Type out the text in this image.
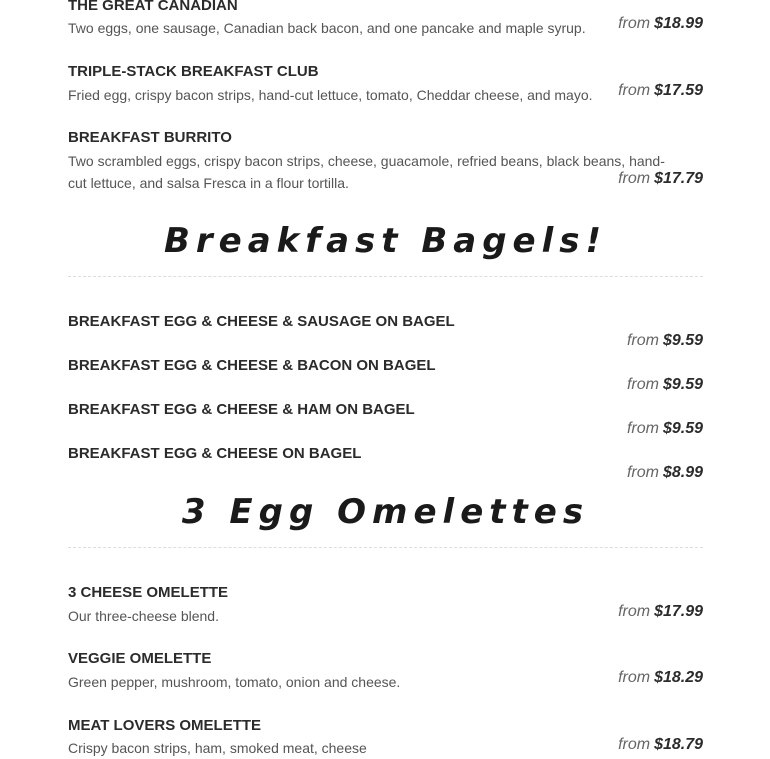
THE GREAT CANADIAN
Two eggs, one sausage, Canadian back bacon, and one pancake and maple syrup.	from $18.99
TRIPLE-STACK BREAKFAST CLUB
Fried egg, crispy bacon strips, hand-cut lettuce, tomato, Cheddar cheese, and mayo.	from $17.59
BREAKFAST BURRITO
Two scrambled eggs, crispy bacon strips, cheese, guacamole, refried beans, black beans, hand-cut lettuce, and salsa Fresca in a flour tortilla.	from $17.79
Breakfast Bagels!
BREAKFAST EGG & CHEESE & SAUSAGE ON BAGEL
from $9.59
BREAKFAST EGG & CHEESE & BACON ON BAGEL
from $9.59
BREAKFAST EGG & CHEESE & HAM ON BAGEL
from $9.59
BREAKFAST EGG & CHEESE ON BAGEL
from $8.99
3 Egg Omelettes
3 CHEESE OMELETTE
Our three-cheese blend.	from $17.99
VEGGIE OMELETTE
Green pepper, mushroom, tomato, onion and cheese.	from $18.29
MEAT LOVERS OMELETTE
Crispy bacon strips, ham, smoked meat, cheese	from $18.79
